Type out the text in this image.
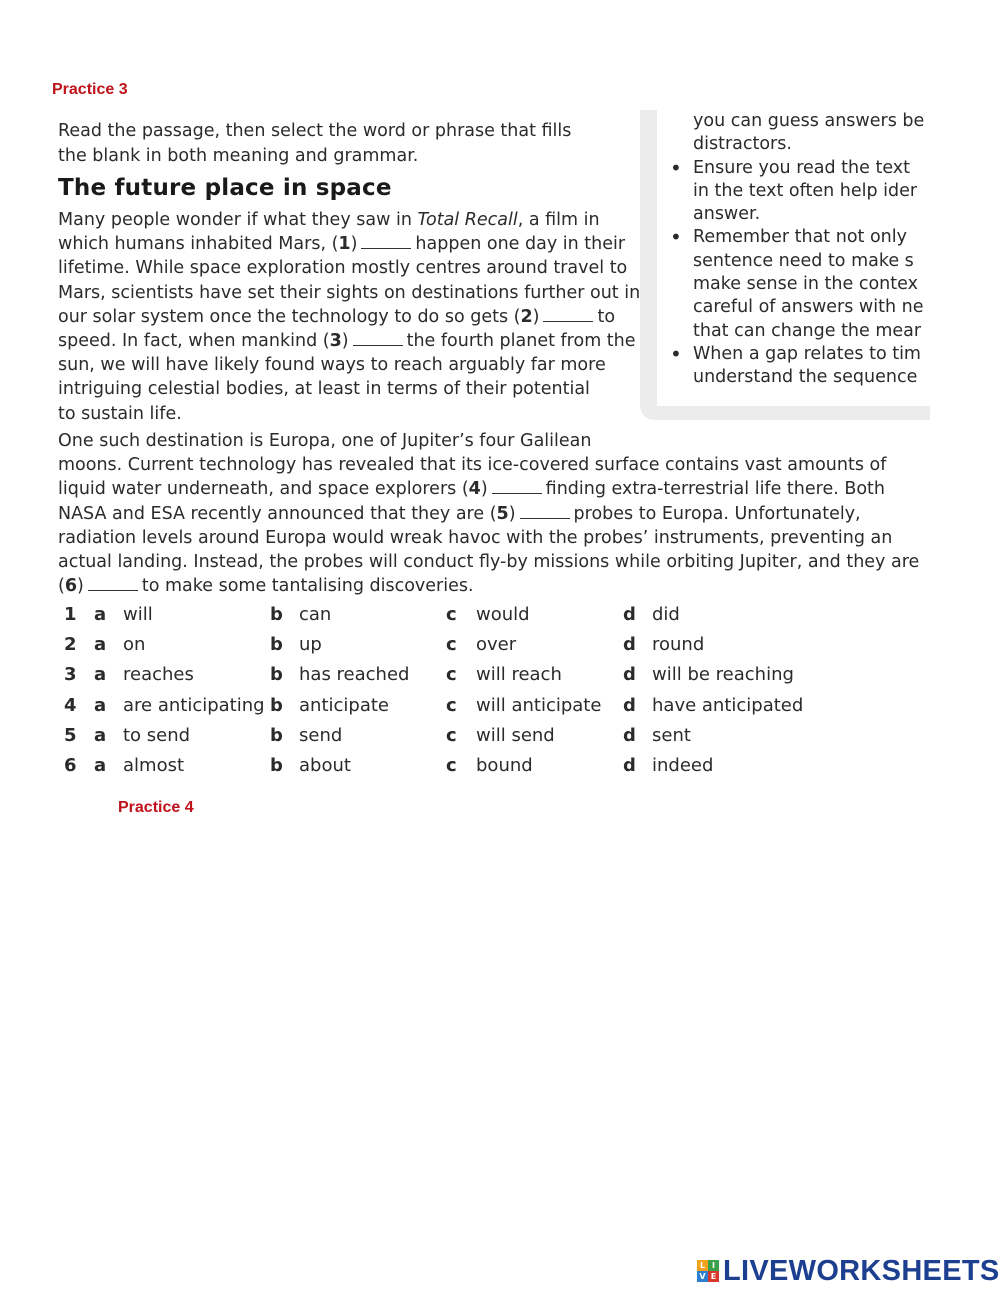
Practice 3
Read the passage, then select the word or phrase that fills
the blank in both meaning and grammar.
The future place in space
Many people wonder if what they saw in Total Recall, a film in
which humans inhabited Mars, (1)	happen one day in their
lifetime. While space exploration mostly centres around travel to
Mars, scientists have set their sights on destinations further out in
our solar system once the technology to do so gets (2)	to
speed. In fact, when mankind (3)	the fourth planet from the
sun, we will have likely found ways to reach arguably far more
intriguing celestial bodies, at least in terms of their potential
to sustain life.
you can guess answers be
distractors.
• Ensure you read the text
in the text often help ider
answer.
• Remember that not only
sentence need to make s
make sense in the contex
careful of answers with ne
that can change the mear
• When a gap relates to tim
understand the sequence
One such destination is Europa, one of Jupiter’s four Galilean
moons. Current technology has revealed that its ice-covered surface contains vast amounts of
liquid water underneath, and space explorers (4)	finding extra-terrestrial life there. Both
NASA and ESA recently announced that they are (5)	probes to Europa. Unfortunately,
radiation levels around Europa would wreak havoc with the probes’ instruments, preventing an
actual landing. Instead, the probes will conduct fly-by missions while orbiting Jupiter, and they are
(6)	to make some tantalising discoveries.
1 a will	b can	c would	d did
2 a on	b up	c over	d round
3 a reaches	b has reached c will reach	d will be reaching
4 a are anticipating b anticipate	c will anticipate d have anticipated
5 a to send	b send	c will send	d sent
6 a almost	b about	c bound	d indeed
Practice 4
L I
V E LIVEWORKSHEETS
